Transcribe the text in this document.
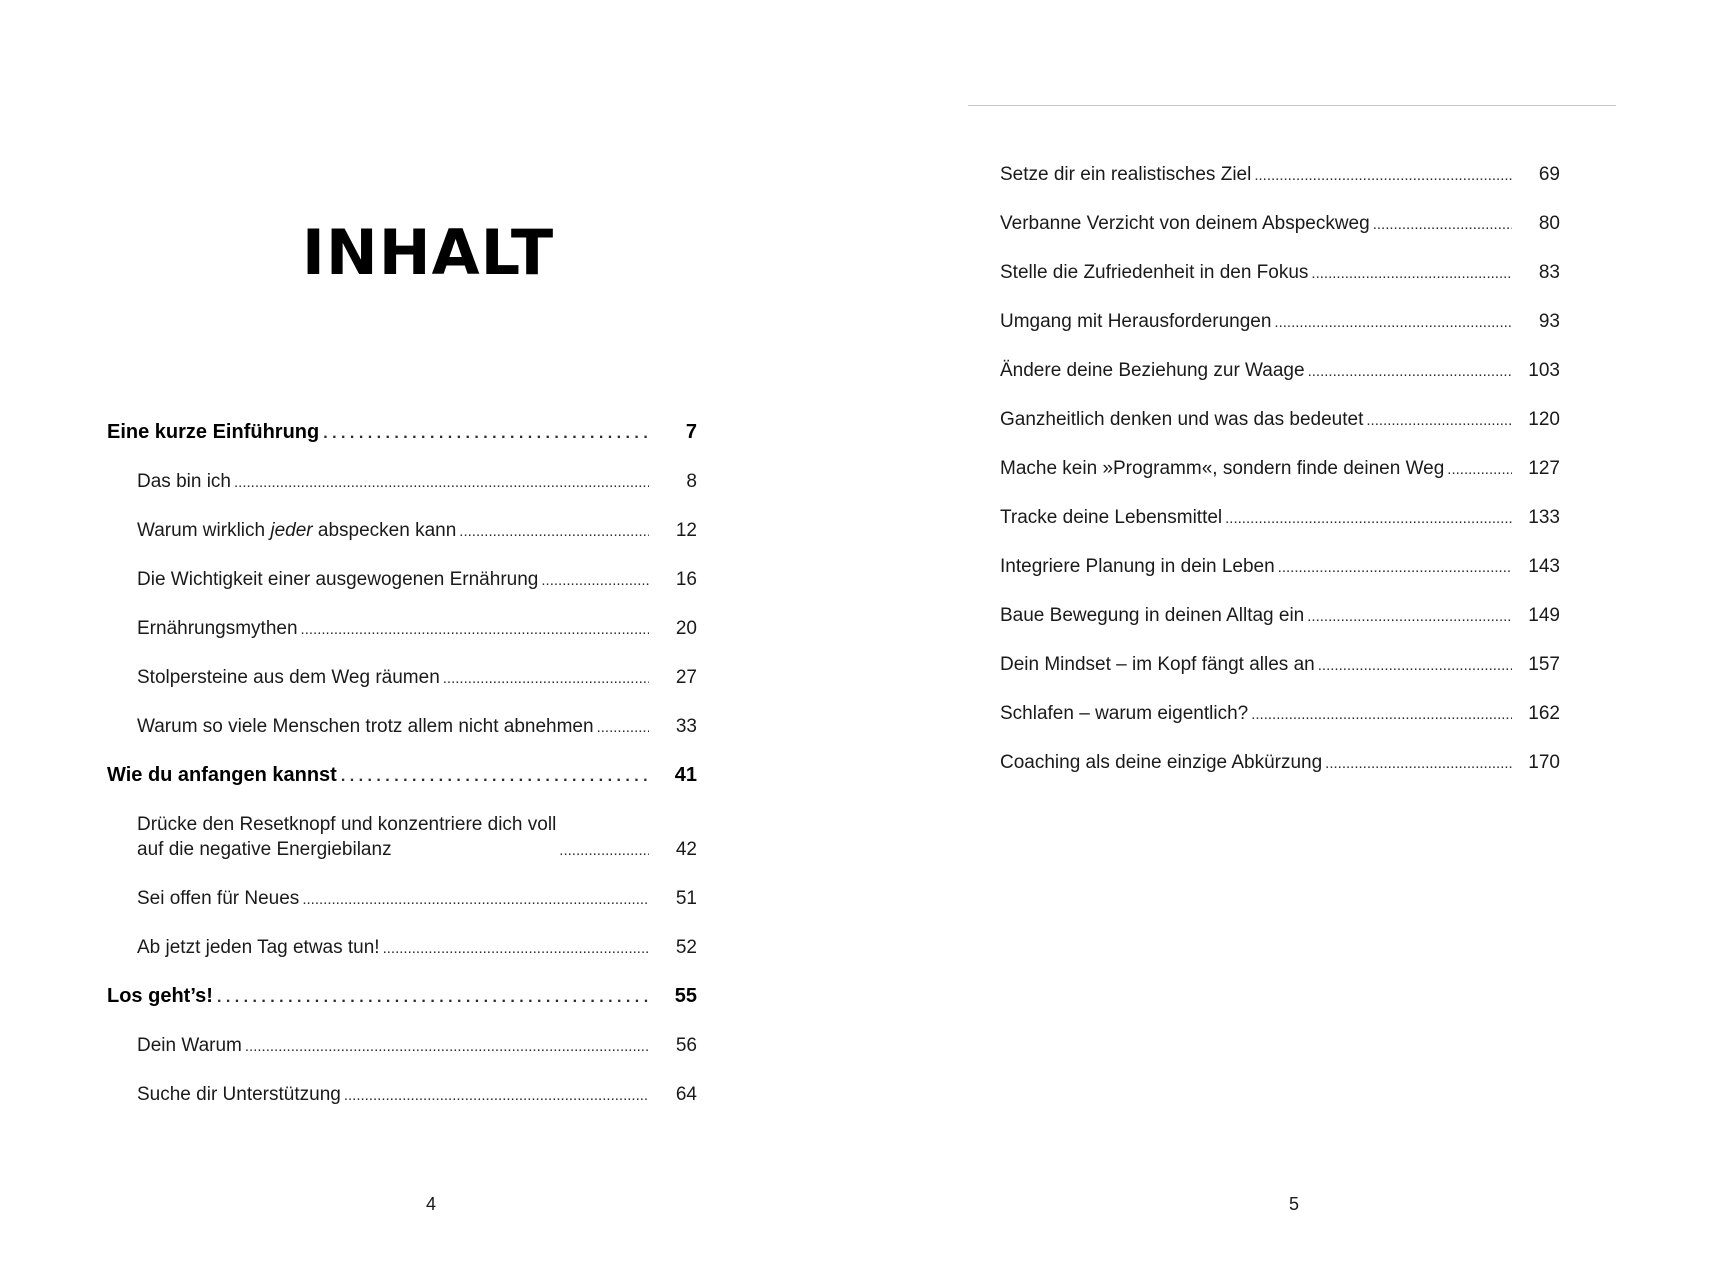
INHALT
Eine kurze Einführung . . .	7
Das bin ich .....	8
Warum wirklich jeder abspecken kann .....	12
Die Wichtigkeit einer ausgewogenen Ernährung .....	16
Ernährungsmythen .....	20
Stolpersteine aus dem Weg räumen .....	27
Warum so viele Menschen trotz allem nicht abnehmen .....	33
Wie du anfangen kannst . . .	41
Drücke den Resetknopf und konzentriere dich voll
auf die negative Energiebilanz .....	42
Sei offen für Neues .....	51
Ab jetzt jeden Tag etwas tun! .....	52
Los geht’s! . . .	55
Dein Warum .....	56
Suche dir Unterstützung .....	64
4
Setze dir ein realistisches Ziel .....	69
Verbanne Verzicht von deinem Abspeckweg .....	80
Stelle die Zufriedenheit in den Fokus .....	83
Umgang mit Herausforderungen .....	93
Ändere deine Beziehung zur Waage .....	103
Ganzheitlich denken und was das bedeutet .....	120
Mache kein »Programm«, sondern finde deinen Weg .....	127
Tracke deine Lebensmittel .....	133
Integriere Planung in dein Leben .....	143
Baue Bewegung in deinen Alltag ein .....	149
Dein Mindset – im Kopf fängt alles an .....	157
Schlafen – warum eigentlich? .....	162
Coaching als deine einzige Abkürzung .....	170
5
